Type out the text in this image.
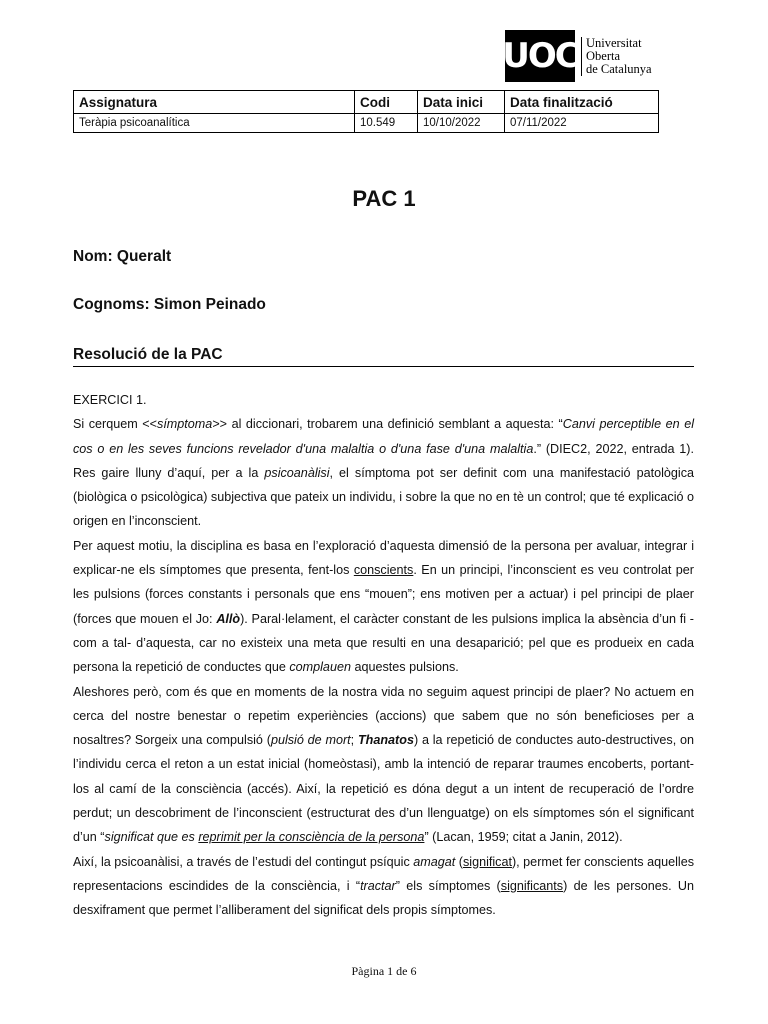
UOC Universitat
Oberta
de Catalunya
Assignatura	Codi	Data inici	Data finalització
Teràpia psicoanalítica	10.549	10/10/2022	07/11/2022
PAC 1
Nom: Queralt
Cognoms: Simon Peinado
Resolució de la PAC

EXERCICI 1.

Si cerquem <<símptoma>> al diccionari, trobarem una definició semblant a aquesta: “Canvi perceptible en el cos o en les seves funcions revelador d'una malaltia o d'una fase d'una malaltia.” (DIEC2, 2022, entrada 1). Res gaire lluny d’aquí, per a la psicoanàlisi, el símptoma pot ser definit com una manifestació patològica (biològica o psicològica) subjectiva que pateix un individu, i sobre la que no en tè un control; que té explicació o origen en l’inconscient.

Per aquest motiu, la disciplina es basa en l’exploració d’aquesta dimensió de la persona per avaluar, integrar i explicar-ne els símptomes que presenta, fent-los conscients. En un principi, l’inconscient es veu controlat per les pulsions (forces constants i personals que ens “mouen”; ens motiven per a actuar) i pel principi de plaer (forces que mouen el Jo: Allò). Paral·lelament, el caràcter constant de les pulsions implica la absència d’un fi -com a tal- d’aquesta, car no existeix una meta que resulti en una desaparició; pel que es produeix en cada persona la repetició de conductes que complauen aquestes pulsions.

Aleshores però, com és que en moments de la nostra vida no seguim aquest principi de plaer? No actuem en cerca del nostre benestar o repetim experiències (accions) que sabem que no són beneficioses per a nosaltres? Sorgeix una compulsió (pulsió de mort; Thanatos) a la repetició de conductes auto-destructives, on l’individu cerca el reton a un estat inicial (homeòstasi), amb la intenció de reparar traumes encoberts, portant-los al camí de la consciència (accés). Així, la repetició es dóna degut a un intent de recuperació de l’ordre perdut; un descobriment de l’inconscient (estructurat des d’un llenguatge) on els símptomes són el significant d’un “significat que es reprimit per la consciència de la persona” (Lacan, 1959; citat a Janin, 2012).

Així, la psicoanàlisi, a través de l’estudi del contingut psíquic amagat (significat), permet fer conscients aquelles representacions escindides de la consciència, i “tractar” els símptomes (significants) de les persones. Un desxiframent que permet l’alliberament del significat dels propis símptomes.

Pàgina 1 de 6
